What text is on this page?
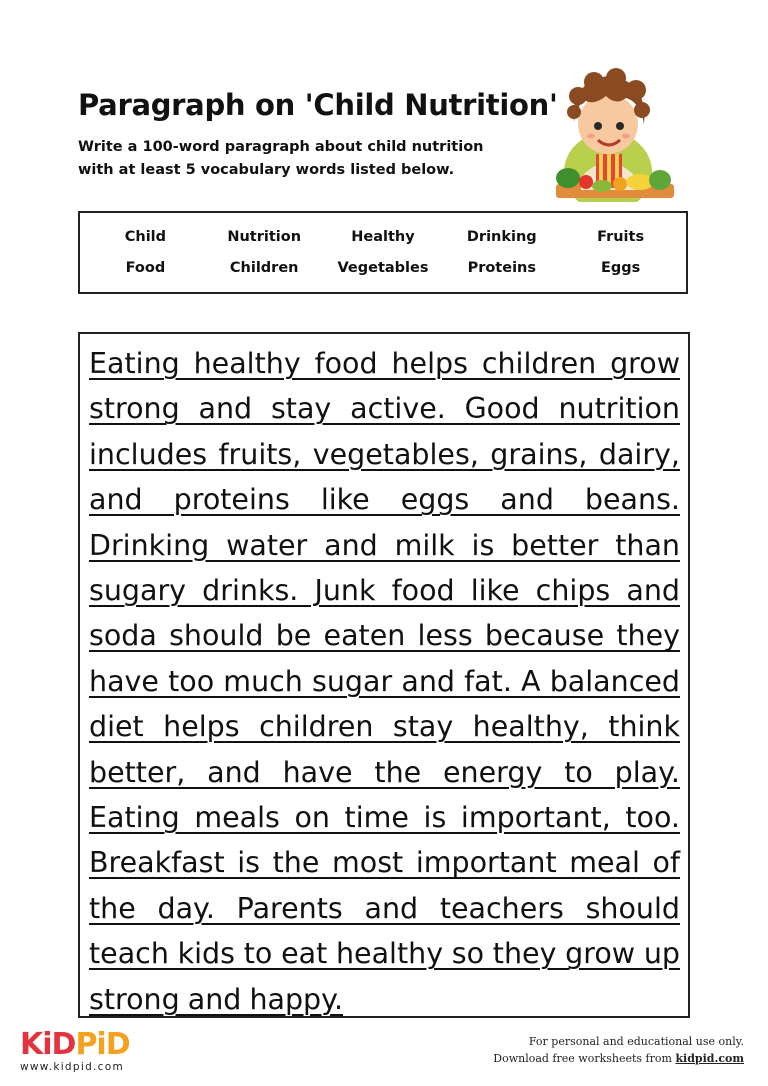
Paragraph on 'Child Nutrition'
Write a 100-word paragraph about child nutrition with at least 5 vocabulary words listed below.
Child	Nutrition	Healthy	Drinking	Fruits
Food	Children	Vegetables	Proteins	Eggs

Eating healthy food helps children grow strong and stay active. Good nutrition includes fruits, vegetables, grains, dairy, and proteins like eggs and beans. Drinking water and milk is better than sugary drinks. Junk food like chips and soda should be eaten less because they have too much sugar and fat. A balanced diet helps children stay healthy, think better, and have the energy to play. Eating meals on time is important, too. Breakfast is the most important meal of the day. Parents and teachers should teach kids to eat healthy so they grow up strong and happy.

KiDPiD
www.kidpid.com
For personal and educational use only.
Download free worksheets from kidpid.com
